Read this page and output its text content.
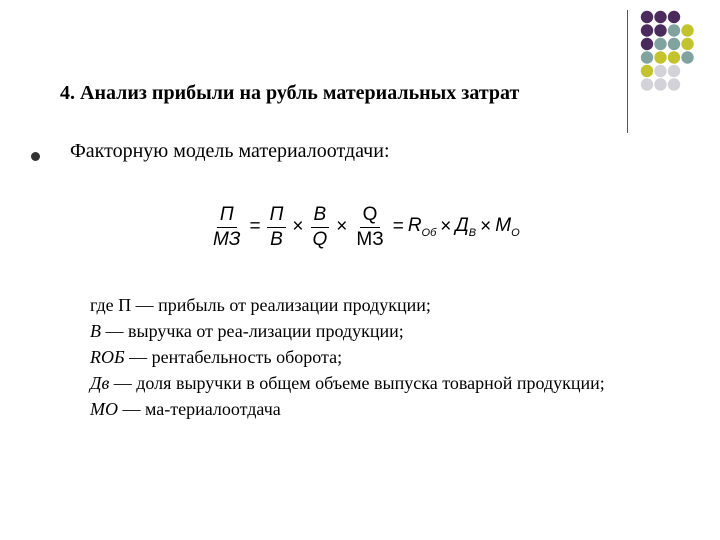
4. Анализ прибыли на рубль материальных затрат
Факторную модель материалоотдачи:
$\frac{П}{МЗ} = \frac{П}{В} \times \frac{В}{Q} \times \frac{Q}{МЗ} = R_{Об} \times Д_В \times M_O$
где П — прибыль от реализации продукции;
В — выручка от реа-лизации продукции;
RОБ — рентабельность оборота;
Дв — доля выручки в общем объеме выпуска товарной продукции;
МО — ма-териалоотдача
